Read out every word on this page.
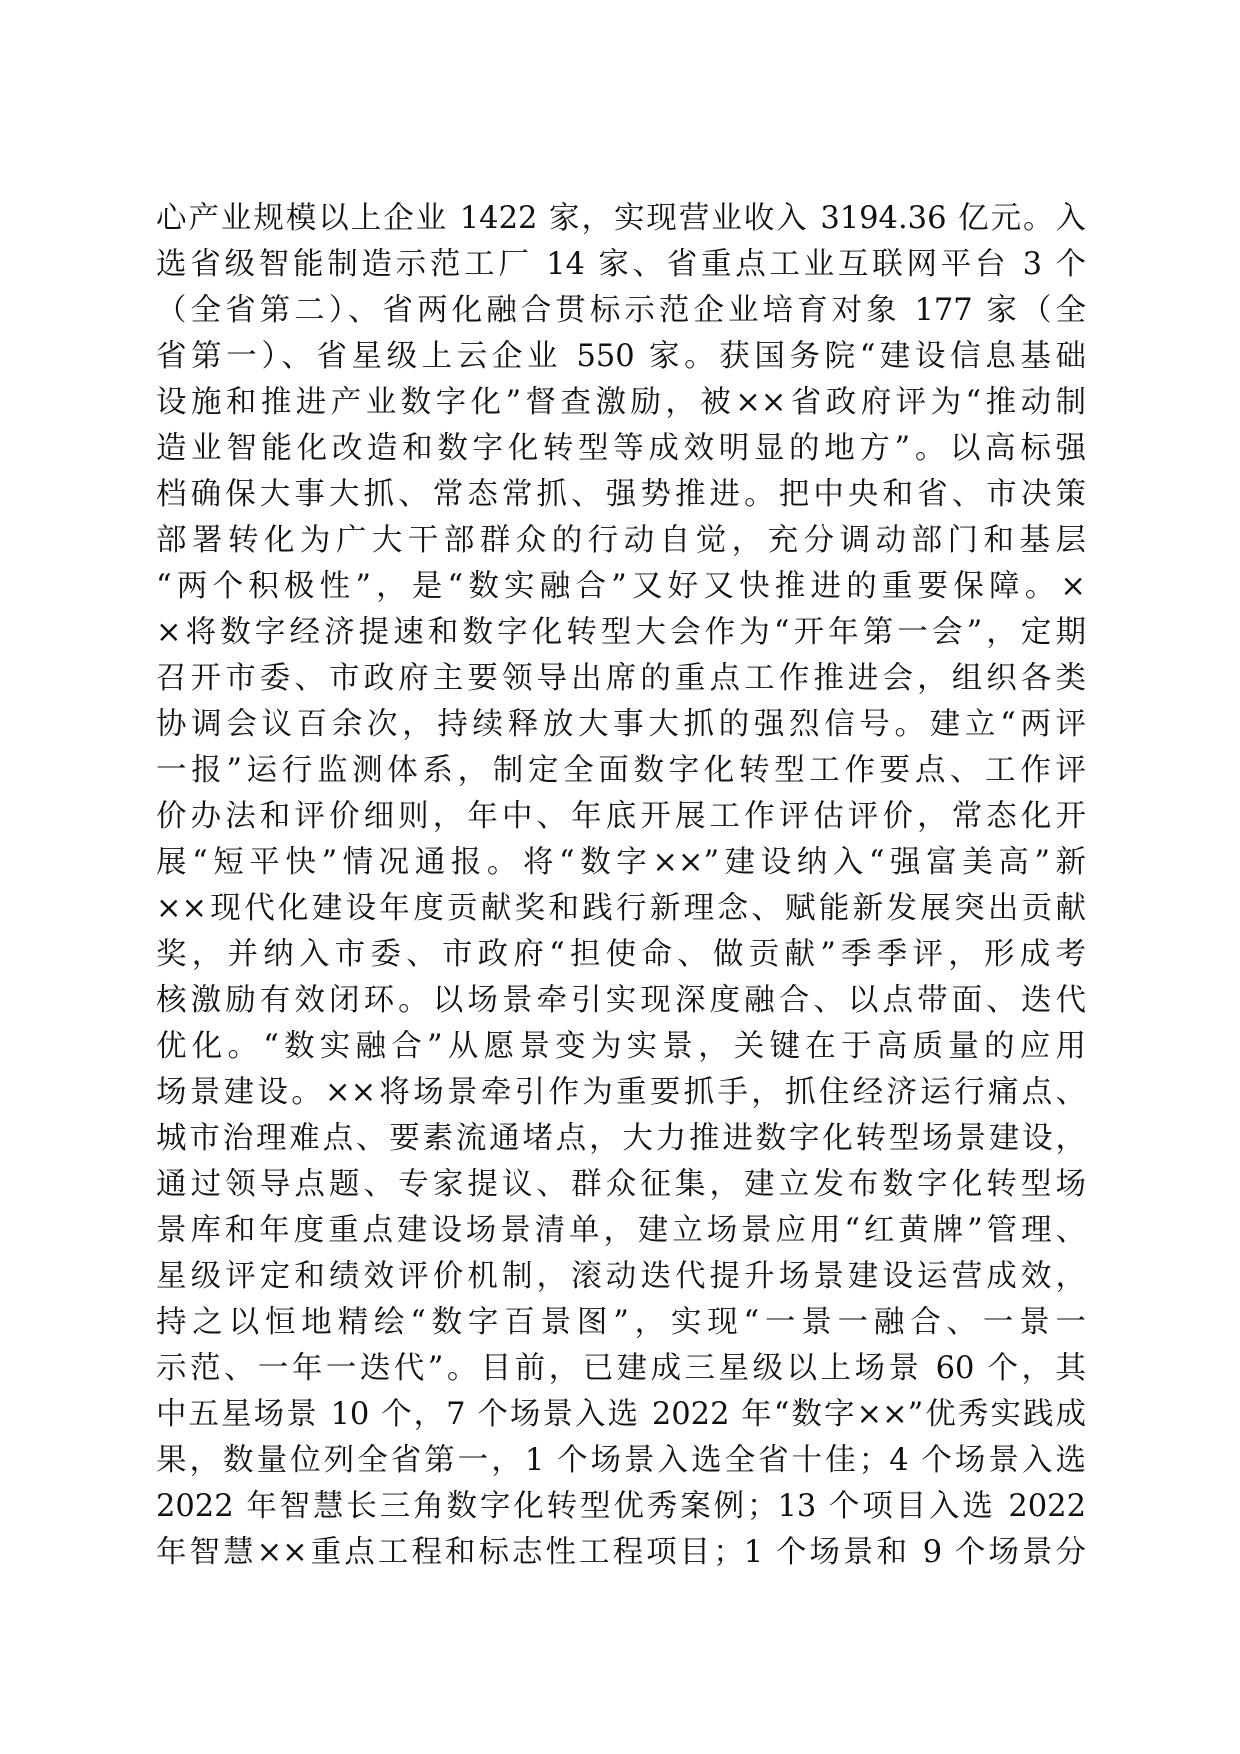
心产业规模以上企业 1422 家，实现营业收入 3194.36 亿元。入
选省级智能制造示范工厂 14 家、省重点工业互联网平台 3 个
（全省第二）、省两化融合贯标示范企业培育对象 177 家（全
省第一）、省星级上云企业 550 家。获国务院“建设信息基础
设施和推进产业数字化”督查激励，被××省政府评为“推动制
造业智能化改造和数字化转型等成效明显的地方”。以高标强
档确保大事大抓、常态常抓、强势推进。把中央和省、市决策
部署转化为广大干部群众的行动自觉，充分调动部门和基层
“两个积极性”，是“数实融合”又好又快推进的重要保障。×
×将数字经济提速和数字化转型大会作为“开年第一会”，定期
召开市委、市政府主要领导出席的重点工作推进会，组织各类
协调会议百余次，持续释放大事大抓的强烈信号。建立“两评
一报”运行监测体系，制定全面数字化转型工作要点、工作评
价办法和评价细则，年中、年底开展工作评估评价，常态化开
展“短平快”情况通报。将“数字××”建设纳入“强富美高”新
××现代化建设年度贡献奖和践行新理念、赋能新发展突出贡献
奖，并纳入市委、市政府“担使命、做贡献”季季评，形成考
核激励有效闭环。以场景牵引实现深度融合、以点带面、迭代
优化。“数实融合”从愿景变为实景，关键在于高质量的应用
场景建设。××将场景牵引作为重要抓手，抓住经济运行痛点、
城市治理难点、要素流通堵点，大力推进数字化转型场景建设，
通过领导点题、专家提议、群众征集，建立发布数字化转型场
景库和年度重点建设场景清单，建立场景应用“红黄牌”管理、
星级评定和绩效评价机制，滚动迭代提升场景建设运营成效，
持之以恒地精绘“数字百景图”，实现“一景一融合、一景一
示范、一年一迭代”。目前，已建成三星级以上场景 60 个，其
中五星场景 10 个，7 个场景入选 2022 年“数字××”优秀实践成
果，数量位列全省第一，1 个场景入选全省十佳；4 个场景入选
2022 年智慧长三角数字化转型优秀案例；13 个项目入选 2022
年智慧××重点工程和标志性工程项目；1 个场景和 9 个场景分
